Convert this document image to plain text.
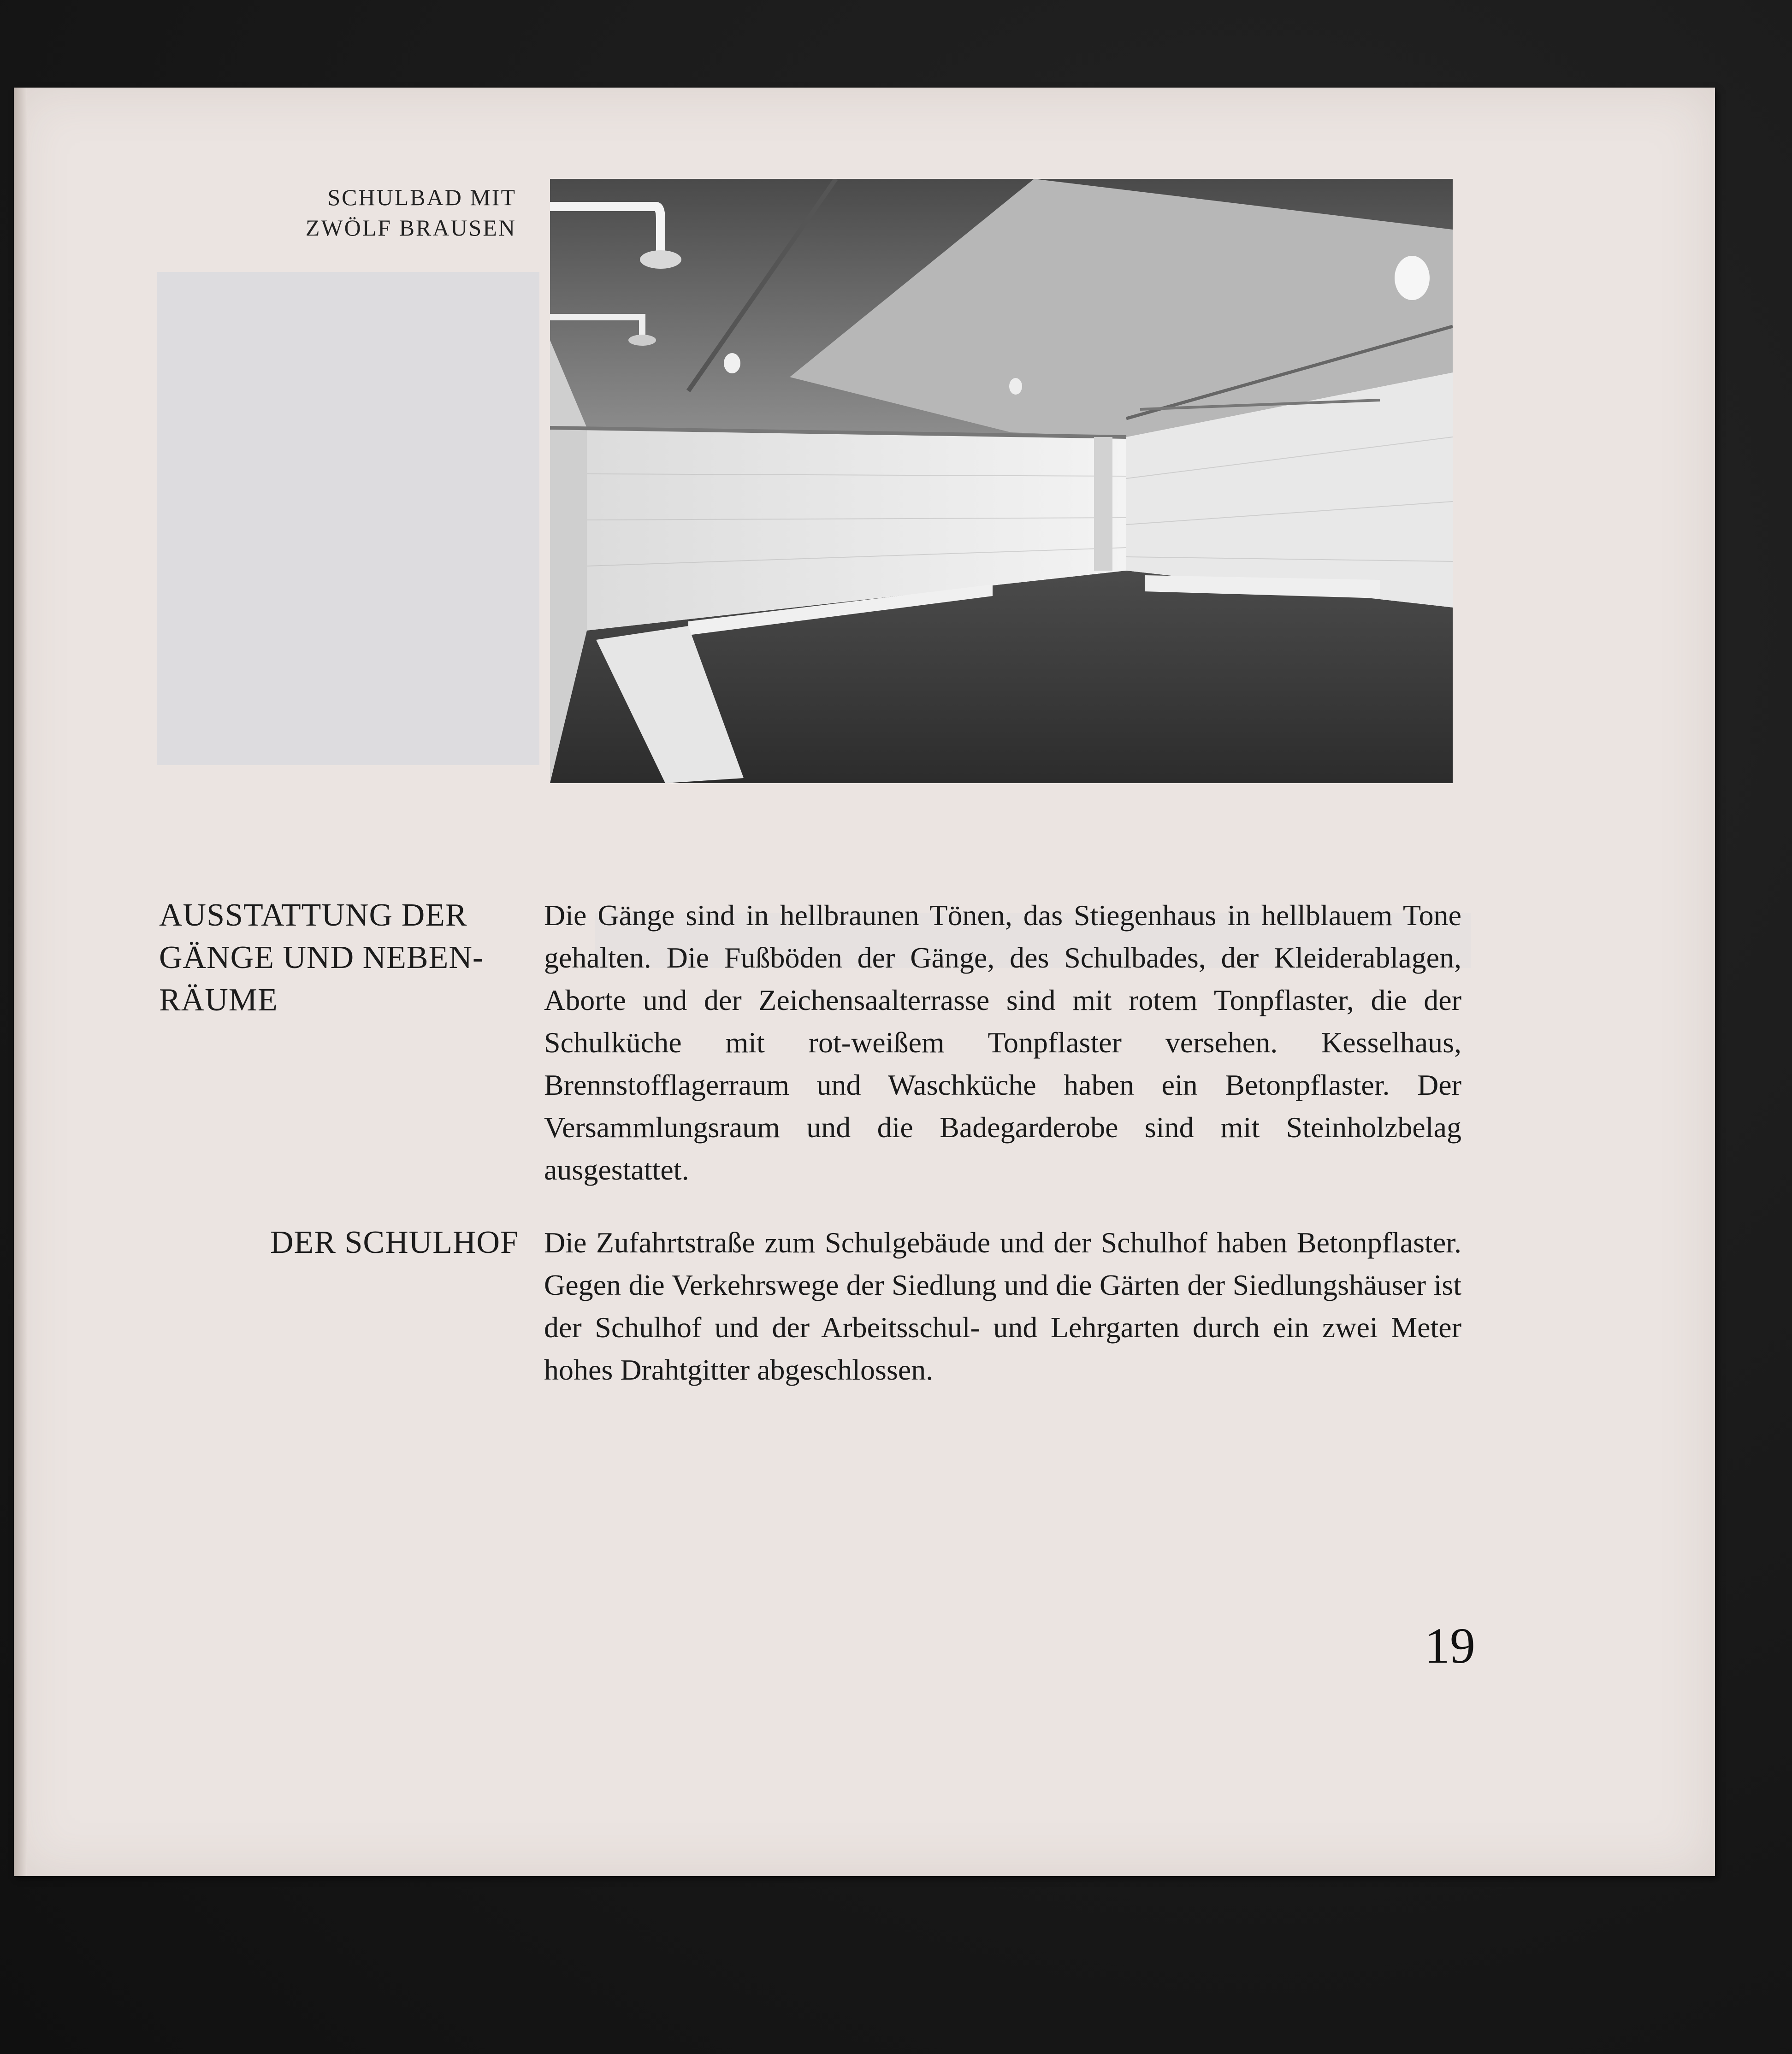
SCHULBAD MIT
ZWÖLF BRAUSEN
AUSSTATTUNG DER
GÄNGE UND NEBEN-
RÄUME
Die Gänge sind in hellbraunen Tönen, das Stiegenhaus in hellblauem Tone gehalten. Die Fußböden der Gänge, des Schulbades, der Kleiderablagen, Aborte und der Zeichensaalterrasse sind mit rotem Tonpflaster, die der Schulküche mit rot-weißem Tonpflaster versehen. Kesselhaus, Brennstofflagerraum und Waschküche haben ein Betonpflaster. Der Versammlungsraum und die Badegarderobe sind mit Steinholzbelag ausgestattet.
DER SCHULHOF Die Zufahrtstraße zum Schulgebäude und der Schulhof haben Betonpflaster. Gegen die Verkehrswege der Siedlung und die Gärten der Siedlungshäuser ist der Schulhof und der Arbeitsschul- und Lehrgarten durch ein zwei Meter hohes Drahtgitter abgeschlossen.
19
